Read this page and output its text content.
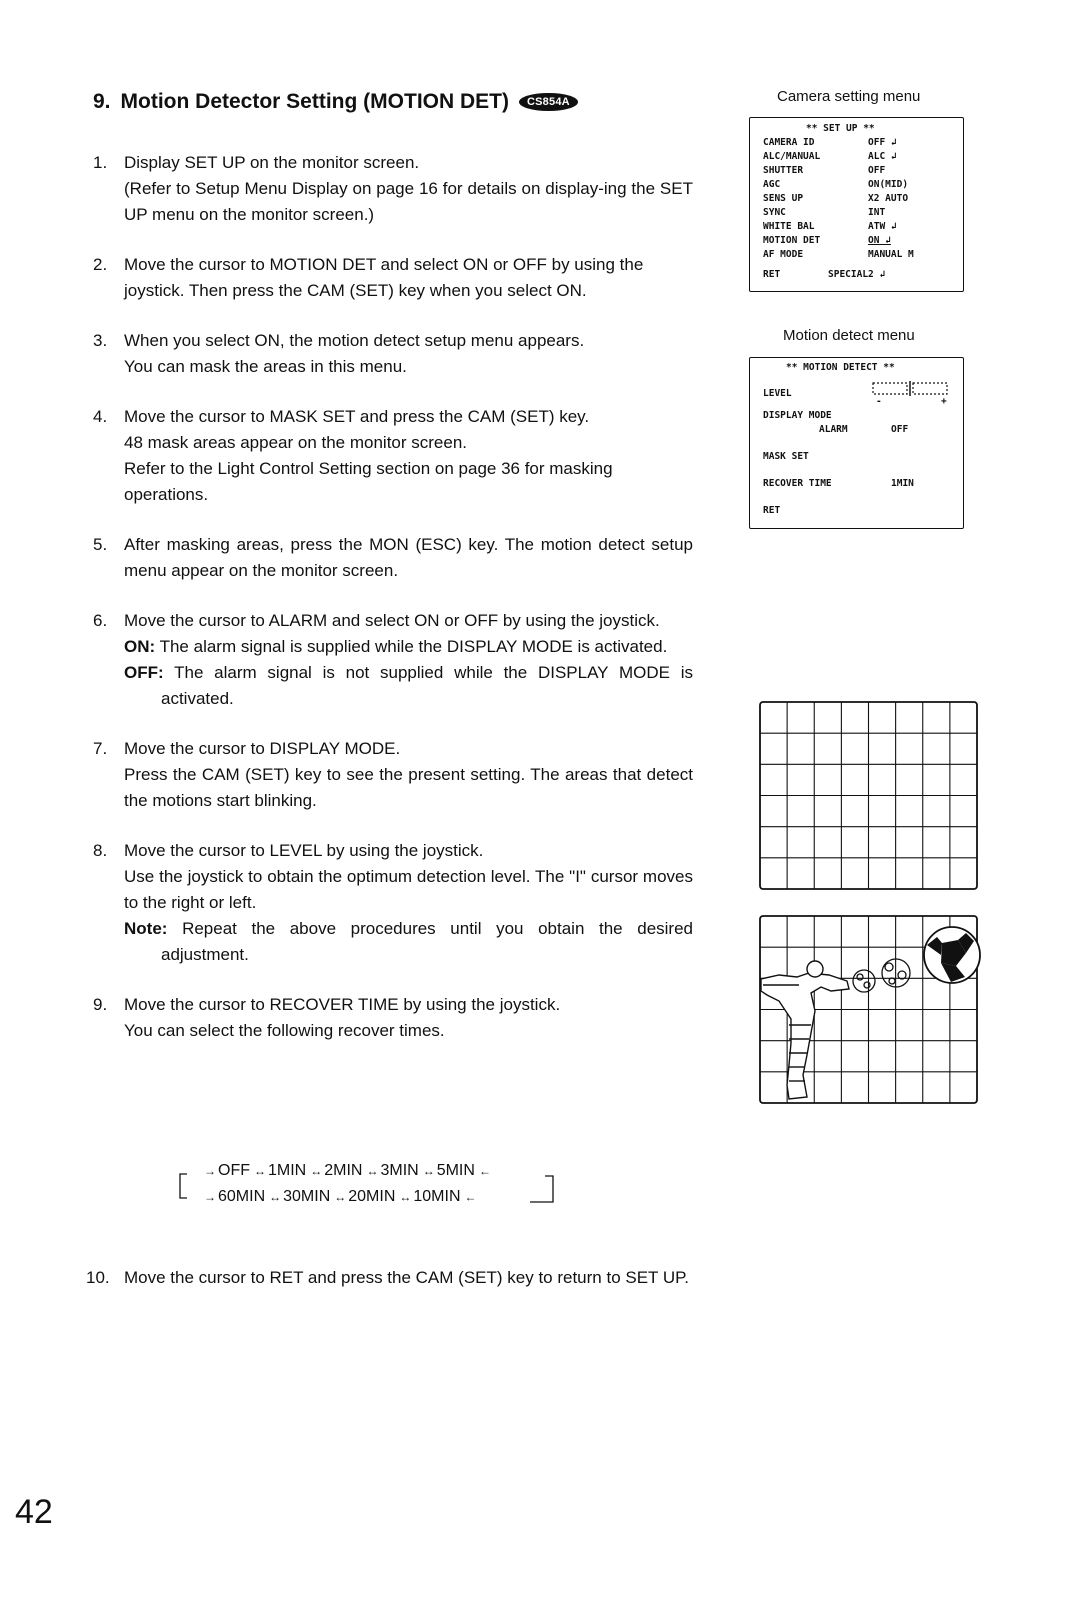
9. Motion Detector Setting (MOTION DET)	CS854A
1. Display SET UP on the monitor screen.

(Refer to Setup Menu Display on page 16 for details on display-ing the SET UP menu on the monitor screen.)

2. Move the cursor to MOTION DET and select ON or OFF by using the joystick. Then press the CAM (SET) key when you select ON.

3. When you select ON, the motion detect setup menu appears.

You can mask the areas in this menu.

4. Move the cursor to MASK SET and press the CAM (SET) key.

48 mask areas appear on the monitor screen.

Refer to the Light Control Setting section on page 36 for masking operations.

5. After masking areas, press the MON (ESC) key. The motion detect setup menu appear on the monitor screen.

6. Move the cursor to ALARM and select ON or OFF by using the joystick.

ON: The alarm signal is supplied while the DISPLAY MODE is activated.

OFF: The alarm signal is not supplied while the DISPLAY MODE is activated.

7. Move the cursor to DISPLAY MODE.

Press the CAM (SET) key to see the present setting. The areas that detect the motions start blinking.

8. Move the cursor to LEVEL by using the joystick.

Use the joystick to obtain the optimum detection level. The "I" cursor moves to the right or left.

Note: Repeat the above procedures until you obtain the desired adjustment.

9. Move the cursor to RECOVER TIME by using the joystick.

You can select the following recover times.

→ OFF ↔ 1MIN ↔ 2MIN ↔ 3MIN ↔ 5MIN ←
→ 60MIN ↔ 30MIN ↔ 20MIN ↔ 10MIN ←
10. Move the cursor to RET and press the CAM (SET) key to return to SET UP.

Camera setting menu
** SET UP **
CAMERA ID	OFF ↲
ALC/MANUAL	ALC ↲
SHUTTER	OFF
AGC	ON(MID)
SENS UP	X2 AUTO
SYNC	INT
WHITE BAL	ATW ↲
MOTION DET	ON ↲
AF MODE	MANUAL M
RET	SPECIAL2 ↲
Motion detect menu
** MOTION DETECT **
LEVEL
-	+
DISPLAY MODE
ALARM	OFF
MASK SET
RECOVER TIME	1MIN
RET
42
